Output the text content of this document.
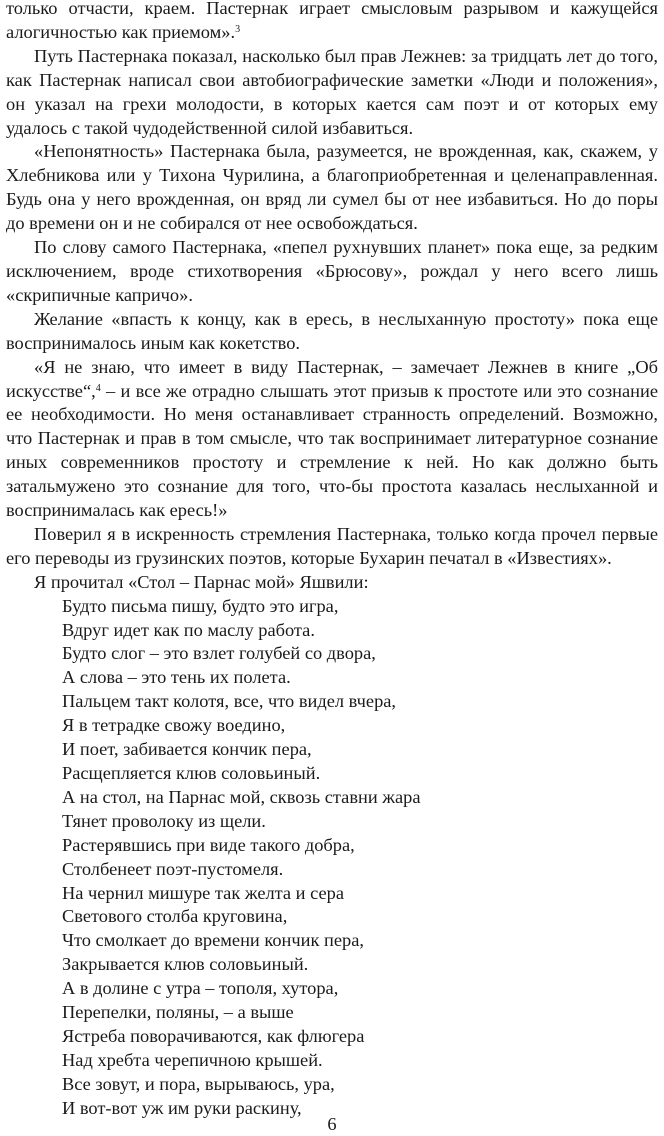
только отчасти, краем. Пастернак играет смысловым разрывом и кажущейся алогичностью как приемом».$^3$

Путь Пастернака показал, насколько был прав Лежнев: за тридцать лет до того, как Пастернак написал свои автобиографические заметки «Люди и положения», он указал на грехи молодости, в которых кается сам поэт и от которых ему удалось с такой чудодейственной силой избавиться.

«Непонятность» Пастернака была, разумеется, не врожденная, как, скажем, у Хлебникова или у Тихона Чурилина, а благоприобретенная и целенаправленная. Будь она у него врожденная, он вряд ли сумел бы от нее избавиться. Но до поры до времени он и не собирался от нее освобождаться.

По слову самого Пастернака, «пепел рухнувших планет» пока еще, за редким исключением, вроде стихотворения «Брюсову», рождал у него всего лишь «скрипичные капричо».

Желание «впасть к концу, как в ересь, в неслыханную простоту» пока еще воспринималось иным как кокетство.

«Я не знаю, что имеет в виду Пастернак, – замечает Лежнев в книге „Об искусстве“,$^4$ – и все же отрадно слышать этот призыв к простоте или это сознание ее необходимости. Но меня останавливает странность определений. Возможно, что Пастернак и прав в том смысле, что так воспринимает литературное сознание иных современников простоту и стремление к ней. Но как должно быть затальмужено это сознание для того, что-бы простота казалась неслыханной и воспринималась как ересь!»

Поверил я в искренность стремления Пастернака, только когда прочел первые его переводы из грузинских поэтов, которые Бухарин печатал в «Известиях».

Я прочитал «Стол – Парнас мой» Яшвили:

Будто письма пишу, будто это игра,
Вдруг идет как по маслу работа.
Будто слог – это взлет голубей со двора,
А слова – это тень их полета.
Пальцем такт колотя, все, что видел вчера,
Я в тетрадке свожу воедино,
И поет, забивается кончик пера,
Расщепляется клюв соловьиный.
А на стол, на Парнас мой, сквозь ставни жара
Тянет проволоку из щели.
Растерявшись при виде такого добра,
Столбенеет поэт-пустомеля.
На чернил мишуре так желта и сера
Светового столба круговина,
Что смолкает до времени кончик пера,
Закрывается клюв соловьиный.
А в долине с утра – тополя, хутора,
Перепелки, поляны, – а выше
Ястреба поворачиваются, как флюгера
Над хребта черепичною крышей.
Все зовут, и пора, вырываюсь, ура,
И вот-вот уж им руки раскину,
6
